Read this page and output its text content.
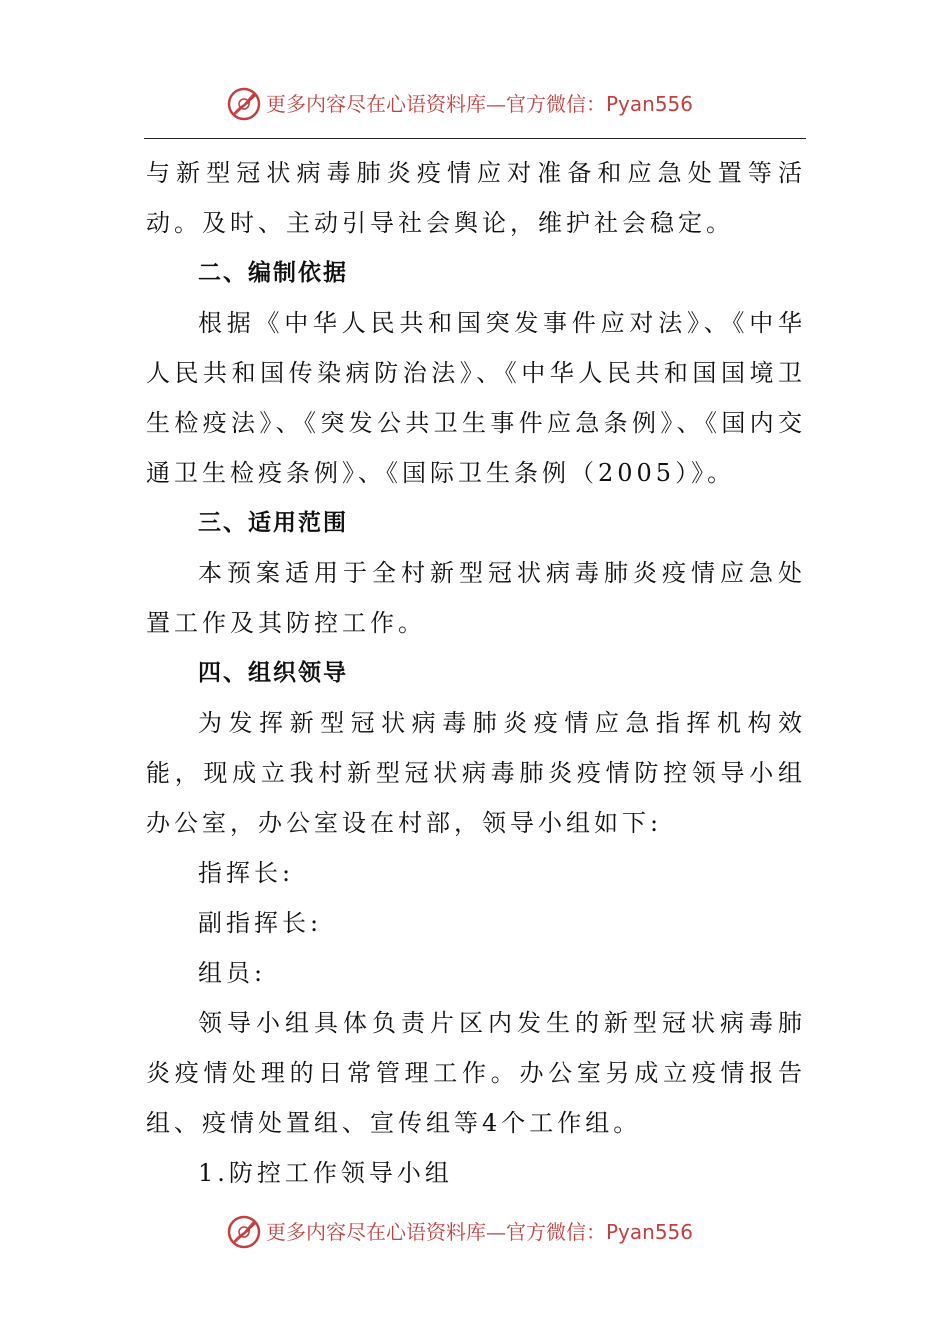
更多内容尽在心语资料库—官方微信：Pyan556

与新型冠状病毒肺炎疫情应对准备和应急处置等活动。及时、主动引导社会舆论，维护社会稳定。

二、编制依据

根据《中华人民共和国突发事件应对法》、《中华人民共和国传染病防治法》、《中华人民共和国国境卫生检疫法》、《突发公共卫生事件应急条例》、《国内交通卫生检疫条例》、《国际卫生条例（2005）》。

三、适用范围

本预案适用于全村新型冠状病毒肺炎疫情应急处置工作及其防控工作。

四、组织领导

为发挥新型冠状病毒肺炎疫情应急指挥机构效能，现成立我村新型冠状病毒肺炎疫情防控领导小组办公室，办公室设在村部，领导小组如下:

指挥长:

副指挥长:

组员:

领导小组具体负责片区内发生的新型冠状病毒肺炎疫情处理的日常管理工作。办公室另成立疫情报告组、疫情处置组、宣传组等4个工作组。

1.防控工作领导小组

更多内容尽在心语资料库—官方微信：Pyan556
